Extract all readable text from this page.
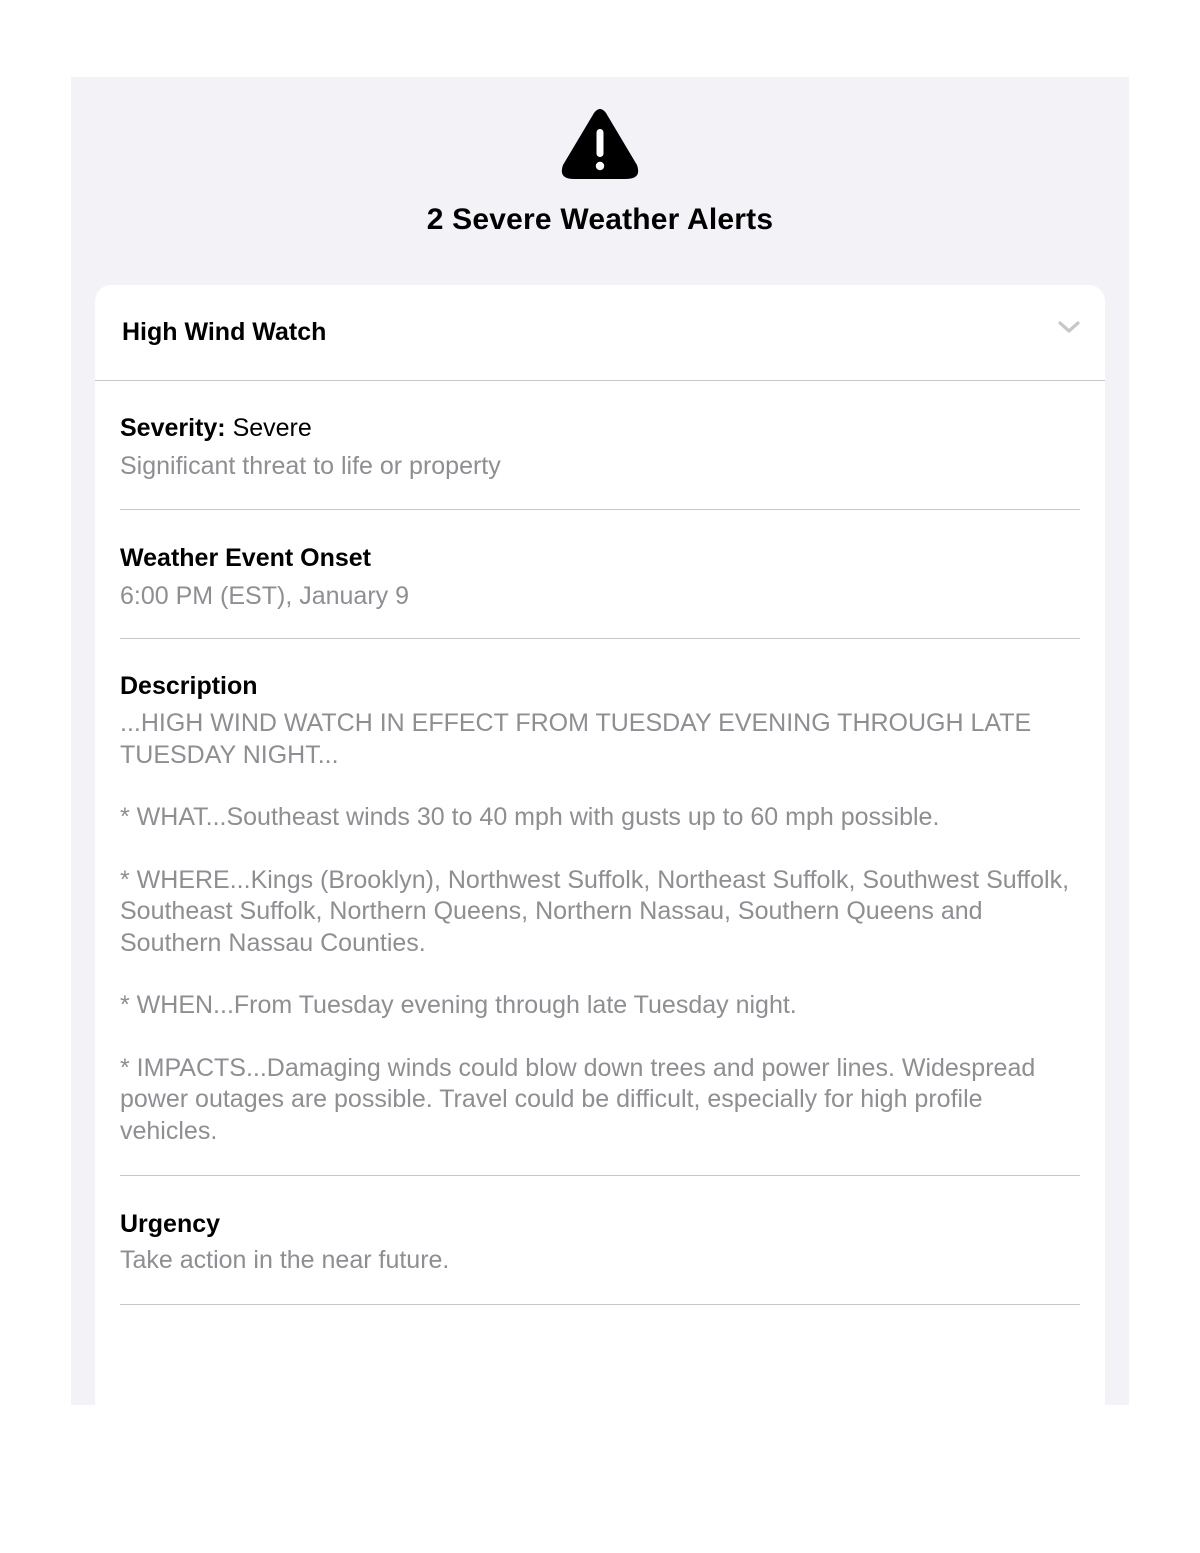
2 Severe Weather Alerts
High Wind Watch
Severity: Severe
Significant threat to life or property
Weather Event Onset
6:00 PM (EST), January 9
Description

...HIGH WIND WATCH IN EFFECT FROM TUESDAY EVENING THROUGH LATE TUESDAY NIGHT...

* WHAT...Southeast winds 30 to 40 mph with gusts up to 60 mph possible.

* WHERE...Kings (Brooklyn), Northwest Suffolk, Northeast Suffolk, Southwest Suffolk, Southeast Suffolk, Northern Queens, Northern Nassau, Southern Queens and Southern Nassau Counties.

* WHEN...From Tuesday evening through late Tuesday night.

* IMPACTS...Damaging winds could blow down trees and power lines. Widespread power outages are possible. Travel could be difficult, especially for high profile vehicles.

Urgency
Take action in the near future.
